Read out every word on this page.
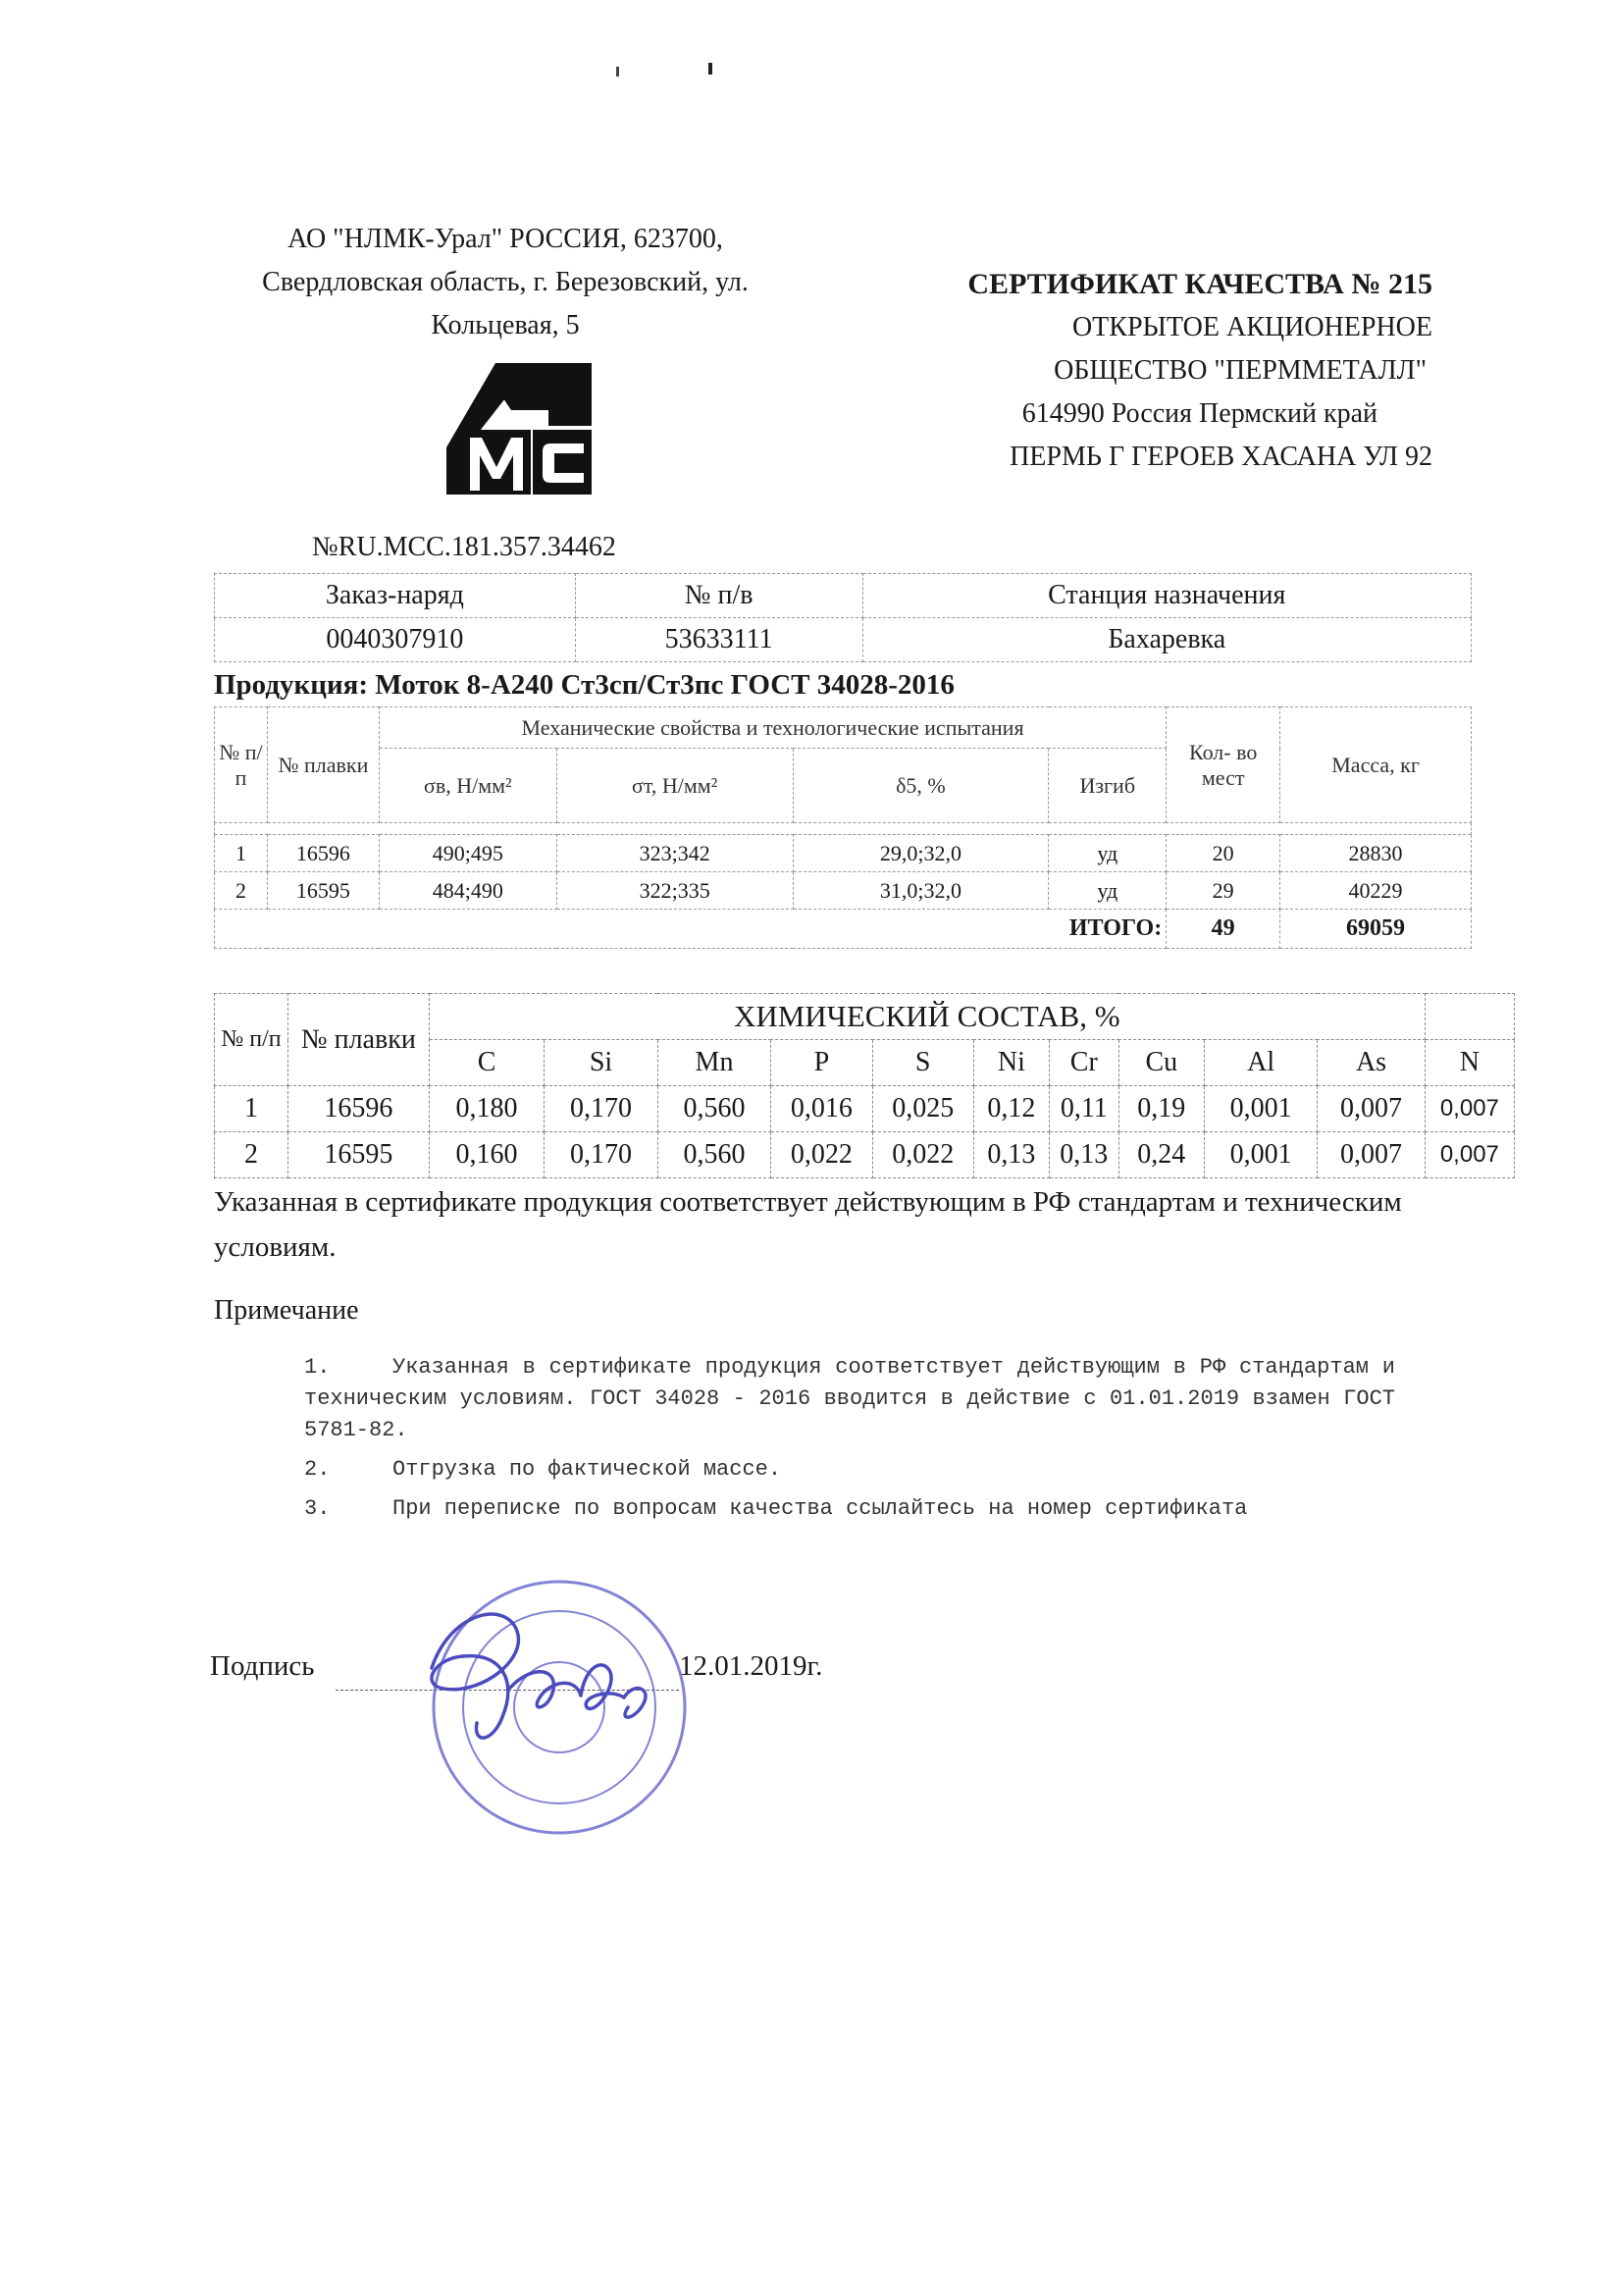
АО "НЛМК-Урал" РОССИЯ, 623700,
Свердловская область, г. Березовский, ул.
Кольцевая, 5
СЕРТИФИКАТ КАЧЕСТВА № 215
ОТКРЫТОЕ АКЦИОНЕРНОЕ
ОБЩЕСТВО "ПЕРММЕТАЛЛ"
614990 Россия Пермский край
ПЕРМЬ Г ГЕРОЕВ ХАСАНА УЛ 92
№RU.МСС.181.357.34462
Заказ-наряд	№ п/в	Станция назначения
0040307910	53633111	Бахаревка
Продукция: Моток 8-А240 Ст3сп/Ст3пс ГОСТ 34028-2016
№ п/п	№ плавки	Механические свойства и технологические испытания				Кол- во мест	Масса, кг
		σв, Н/мм²	σт, Н/мм²	δ5, %	Изгиб		

1	16596	490;495	323;342	29,0;32,0	уд	20	28830
2	16595	484;490	322;335	31,0;32,0	уд	29	40229
ИТОГО:						49	69059
№ п/п	№ плавки	ХИМИЧЕСКИЙ СОСТАВ, %										
		C	Si	Mn	P	S	Ni	Cr	Cu	Al	As	N
1	16596	0,180	0,170	0,560	0,016	0,025	0,12	0,11	0,19	0,001	0,007	0,007
2	16595	0,160	0,170	0,560	0,022	0,022	0,13	0,13	0,24	0,001	0,007	0,007
Указанная в сертификате продукция соответствует действующим в РФ стандартам и техническим условиям.
Примечание
1.	Указанная в сертификате продукция соответствует действующим в РФ стандартам и техническим условиям. ГОСТ 34028 - 2016 вводится в действие с 01.01.2019 взамен ГОСТ 5781-82.
2.	Отгрузка по фактической массе.
3.	При переписке по вопросам качества ссылайтесь на номер сертификата
Подпись	12.01.2019г.
